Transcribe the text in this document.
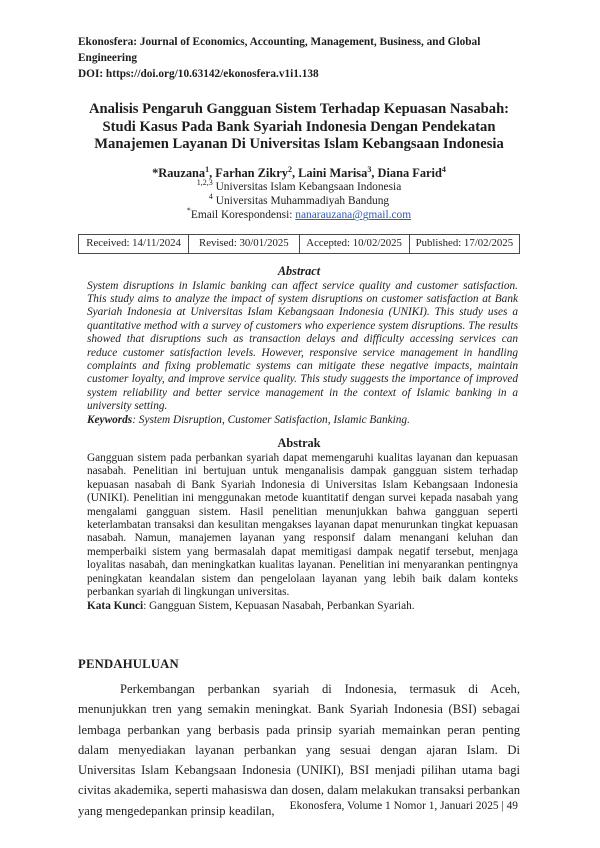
Ekonosfera: Journal of Economics, Accounting, Management, Business, and Global Engineering
DOI: https://doi.org/10.63142/ekonosfera.v1i1.138
Analisis Pengaruh Gangguan Sistem Terhadap Kepuasan Nasabah:
Studi Kasus Pada Bank Syariah Indonesia Dengan Pendekatan
Manajemen Layanan Di Universitas Islam Kebangsaan Indonesia
*Rauzana$^1$, Farhan Zikry$^2$, Laini Marisa$^3$, Diana Farid$^4$
$^{1,2,3}$ Universitas Islam Kebangsaan Indonesia
$^4$ Universitas Muhammadiyah Bandung
*Email Korespondensi: nanarauzana@gmail.com
Received: 14/11/2024	Revised: 30/01/2025	Accepted: 10/02/2025	Published: 17/02/2025
Abstract

System disruptions in Islamic banking can affect service quality and customer satisfaction. This study aims to analyze the impact of system disruptions on customer satisfaction at Bank Syariah Indonesia at Universitas Islam Kebangsaan Indonesia (UNIKI). This study uses a quantitative method with a survey of customers who experience system disruptions. The results showed that disruptions such as transaction delays and difficulty accessing services can reduce customer satisfaction levels. However, responsive service management in handling complaints and fixing problematic systems can mitigate these negative impacts, maintain customer loyalty, and improve service quality. This study suggests the importance of improved system reliability and better service management in the context of Islamic banking in a university setting.

Keywords: System Disruption, Customer Satisfaction, Islamic Banking.

Abstrak

Gangguan sistem pada perbankan syariah dapat memengaruhi kualitas layanan dan kepuasan nasabah. Penelitian ini bertujuan untuk menganalisis dampak gangguan sistem terhadap kepuasan nasabah di Bank Syariah Indonesia di Universitas Islam Kebangsaan Indonesia (UNIKI). Penelitian ini menggunakan metode kuantitatif dengan survei kepada nasabah yang mengalami gangguan sistem. Hasil penelitian menunjukkan bahwa gangguan seperti keterlambatan transaksi dan kesulitan mengakses layanan dapat menurunkan tingkat kepuasan nasabah. Namun, manajemen layanan yang responsif dalam menangani keluhan dan memperbaiki sistem yang bermasalah dapat memitigasi dampak negatif tersebut, menjaga loyalitas nasabah, dan meningkatkan kualitas layanan. Penelitian ini menyarankan pentingnya peningkatan keandalan sistem dan pengelolaan layanan yang lebih baik dalam konteks perbankan syariah di lingkungan universitas.

Kata Kunci: Gangguan Sistem, Kepuasan Nasabah, Perbankan Syariah.

PENDAHULUAN

Perkembangan perbankan syariah di Indonesia, termasuk di Aceh, menunjukkan tren yang semakin meningkat. Bank Syariah Indonesia (BSI) sebagai lembaga perbankan yang berbasis pada prinsip syariah memainkan peran penting dalam menyediakan layanan perbankan yang sesuai dengan ajaran Islam. Di Universitas Islam Kebangsaan Indonesia (UNIKI), BSI menjadi pilihan utama bagi civitas akademika, seperti mahasiswa dan dosen, dalam melakukan transaksi perbankan yang mengedepankan prinsip keadilan,	Ekonosfera, Volume 1 Nomor 1, Januari 2025 | 49
